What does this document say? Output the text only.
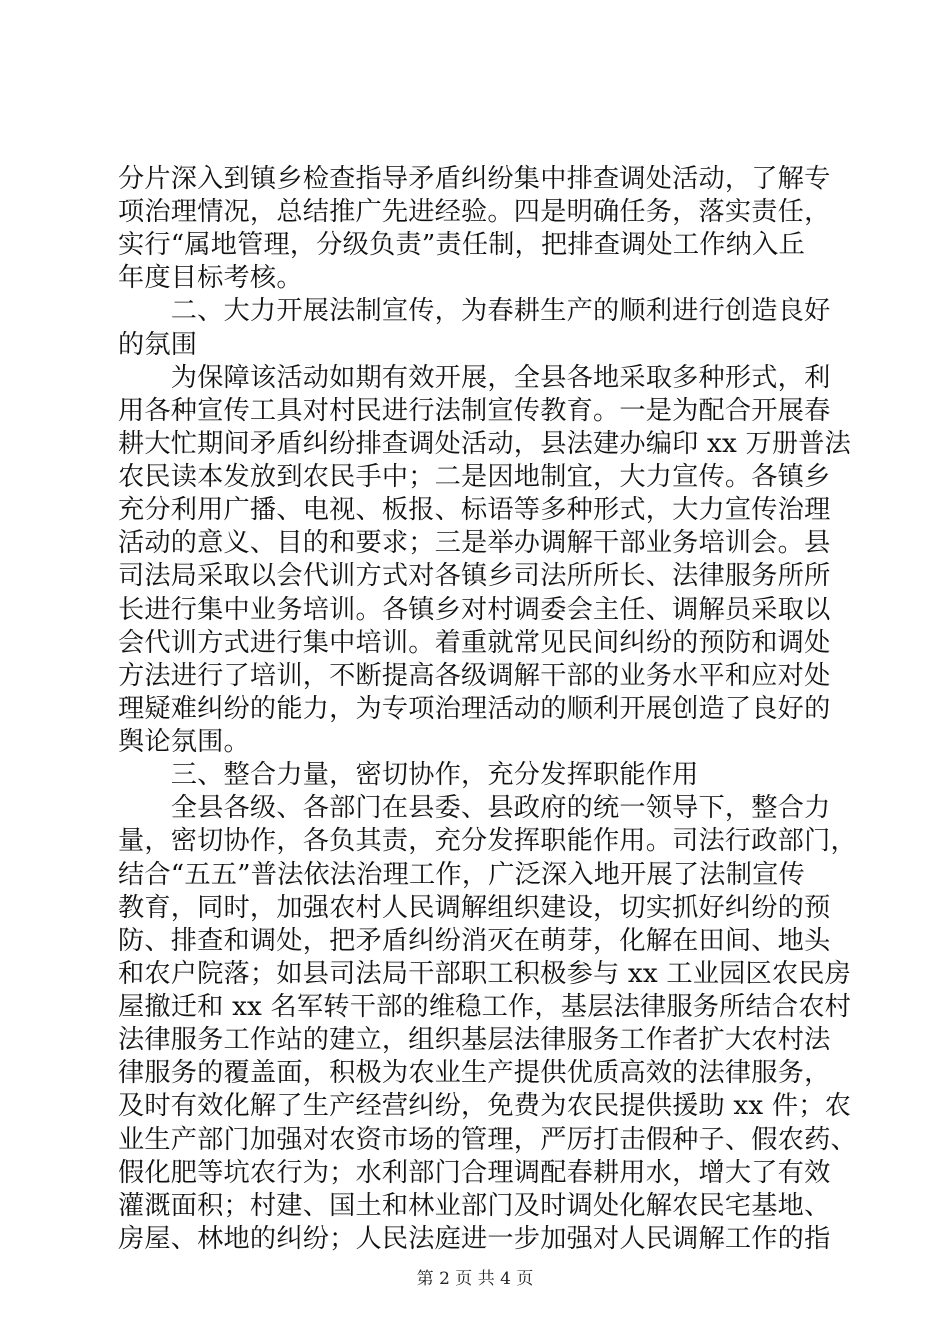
分片深入到镇乡检查指导矛盾纠纷集中排查调处活动，了解专
项治理情况，总结推广先进经验。四是明确任务，落实责任，
实行“属地管理，分级负责”责任制，把排查调处工作纳入丘
年度目标考核。
　　二、大力开展法制宣传，为春耕生产的顺利进行创造良好
的氛围
　　为保障该活动如期有效开展，全县各地采取多种形式，利
用各种宣传工具对村民进行法制宣传教育。一是为配合开展春
耕大忙期间矛盾纠纷排查调处活动，县法建办编印 xx 万册普法
农民读本发放到农民手中；二是因地制宜，大力宣传。各镇乡
充分利用广播、电视、板报、标语等多种形式，大力宣传治理
活动的意义、目的和要求；三是举办调解干部业务培训会。县
司法局采取以会代训方式对各镇乡司法所所长、法律服务所所
长进行集中业务培训。各镇乡对村调委会主任、调解员采取以
会代训方式进行集中培训。着重就常见民间纠纷的预防和调处
方法进行了培训，不断提高各级调解干部的业务水平和应对处
理疑难纠纷的能力，为专项治理活动的顺利开展创造了良好的
舆论氛围。
　　三、整合力量，密切协作，充分发挥职能作用
　　全县各级、各部门在县委、县政府的统一领导下，整合力
量，密切协作，各负其责，充分发挥职能作用。司法行政部门，
结合“五五”普法依法治理工作，广泛深入地开展了法制宣传
教育，同时，加强农村人民调解组织建设，切实抓好纠纷的预
防、排查和调处，把矛盾纠纷消灭在萌芽，化解在田间、地头
和农户院落；如县司法局干部职工积极参与 xx 工业园区农民房
屋撤迁和 xx 名军转干部的维稳工作，基层法律服务所结合农村
法律服务工作站的建立，组织基层法律服务工作者扩大农村法
律服务的覆盖面，积极为农业生产提供优质高效的法律服务，
及时有效化解了生产经营纠纷，免费为农民提供援助 xx 件；农
业生产部门加强对农资市场的管理，严厉打击假种子、假农药、
假化肥等坑农行为；水利部门合理调配春耕用水，增大了有效
灌溉面积；村建、国土和林业部门及时调处化解农民宅基地、
房屋、林地的纠纷；人民法庭进一步加强对人民调解工作的指
第 2 页 共 4 页
